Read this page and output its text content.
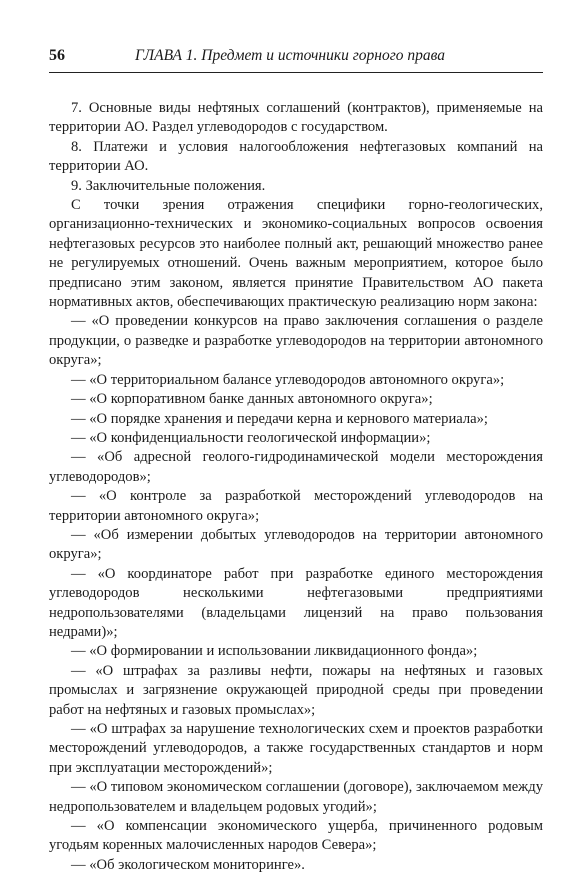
56	ГЛАВА 1. Предмет и источники горного права

7. Основные виды нефтяных соглашений (контрактов), применяемые на территории АО. Раздел углеводородов с государством.

8. Платежи и условия налогообложения нефтегазовых компаний на территории АО.

9. Заключительные положения.

С точки зрения отражения специфики горно-геологических, организационно-технических и экономико-социальных вопросов освоения нефтегазовых ресурсов это наиболее полный акт, решающий множество ранее не регулируемых отношений. Очень важным мероприятием, которое было предписано этим законом, является принятие Правительством АО пакета нормативных актов, обеспечивающих практическую реализацию норм закона:

— «О проведении конкурсов на право заключения соглашения о разделе продукции, о разведке и разработке углеводородов на территории автономного округа»;

— «О территориальном балансе углеводородов автономного округа»;

— «О корпоративном банке данных автономного округа»;

— «О порядке хранения и передачи керна и кернового материала»;

— «О конфиденциальности геологической информации»;

— «Об адресной геолого-гидродинамической модели месторождения углеводородов»;

— «О контроле за разработкой месторождений углеводородов на территории автономного округа»;

— «Об измерении добытых углеводородов на территории автономного округа»;

— «О координаторе работ при разработке единого месторождения углеводородов несколькими нефтегазовыми предприятиями недропользователями (владельцами лицензий на право пользования недрами)»;

— «О формировании и использовании ликвидационного фонда»;

— «О штрафах за разливы нефти, пожары на нефтяных и газовых промыслах и загрязнение окружающей природной среды при проведении работ на нефтяных и газовых промыслах»;

— «О штрафах за нарушение технологических схем и проектов разработки месторождений углеводородов, а также государственных стандартов и норм при эксплуатации месторождений»;

— «О типовом экономическом соглашении (договоре), заключаемом между недропользователем и владельцем родовых угодий»;

— «О компенсации экономического ущерба, причиненного родовым угодьям коренных малочисленных народов Севера»;

— «Об экологическом мониторинге».
